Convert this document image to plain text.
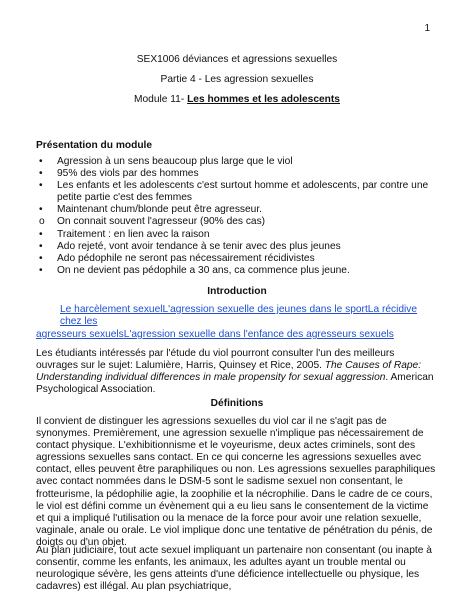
1
SEX1006 déviances et agressions sexuelles
Partie 4 - Les agression sexuelles
Module 11- Les hommes et les adolescents
Présentation du module
• Agression à un sens beaucoup plus large que le viol
• 95% des viols par des hommes
• Les enfants et les adolescents c'est surtout homme et adolescents, par contre une petite partie c'est des femmes
• Maintenant chum/blonde peut être agresseur.
o On connait souvent l'agresseur (90% des cas)
• Traitement : en lien avec la raison
• Ado rejeté, vont avoir tendance à se tenir avec des plus jeunes
• Ado pédophile ne seront pas nécessairement récidivistes
• On ne devient pas pédophile a 30 ans, ca commence plus jeune.
Introduction
Le harcèlement sexuelL'agression sexuelle des jeunes dans le sportLa récidive chez les
agresseurs sexuelsL'agression sexuelle dans l'enfance des agresseurs sexuels
Les étudiants intéressés par l'étude du viol pourront consulter l'un des meilleurs ouvrages sur le sujet: Lalumière, Harris, Quinsey et Rice, 2005. The Causes of Rape: Understanding individual differences in male propensity for sexual aggression. American Psychological Association.
Définitions
Il convient de distinguer les agressions sexuelles du viol car il ne s'agit pas de synonymes. Premièrement, une agression sexuelle n'implique pas nécessairement de contact physique. L'exhibitionnisme et le voyeurisme, deux actes criminels, sont des agressions sexuelles sans contact. En ce qui concerne les agressions sexuelles avec contact, elles peuvent être paraphiliques ou non. Les agressions sexuelles paraphiliques avec contact nommées dans le DSM-5 sont le sadisme sexuel non consentant, le frotteurisme, la pédophilie agie, la zoophilie et la nécrophilie. Dans le cadre de ce cours, le viol est défini comme un évènement qui a eu lieu sans le consentement de la victime et qui a impliqué l'utilisation ou la menace de la force pour avoir une relation sexuelle, vaginale, anale ou orale. Le viol implique donc une tentative de pénétration du pénis, de doigts ou d'un objet.
Au plan judiciaire, tout acte sexuel impliquant un partenaire non consentant (ou inapte à consentir, comme les enfants, les animaux, les adultes ayant un trouble mental ou neurologique sévère, les gens atteints d'une déficience intellectuelle ou physique, les cadavres) est illégal. Au plan psychiatrique,
